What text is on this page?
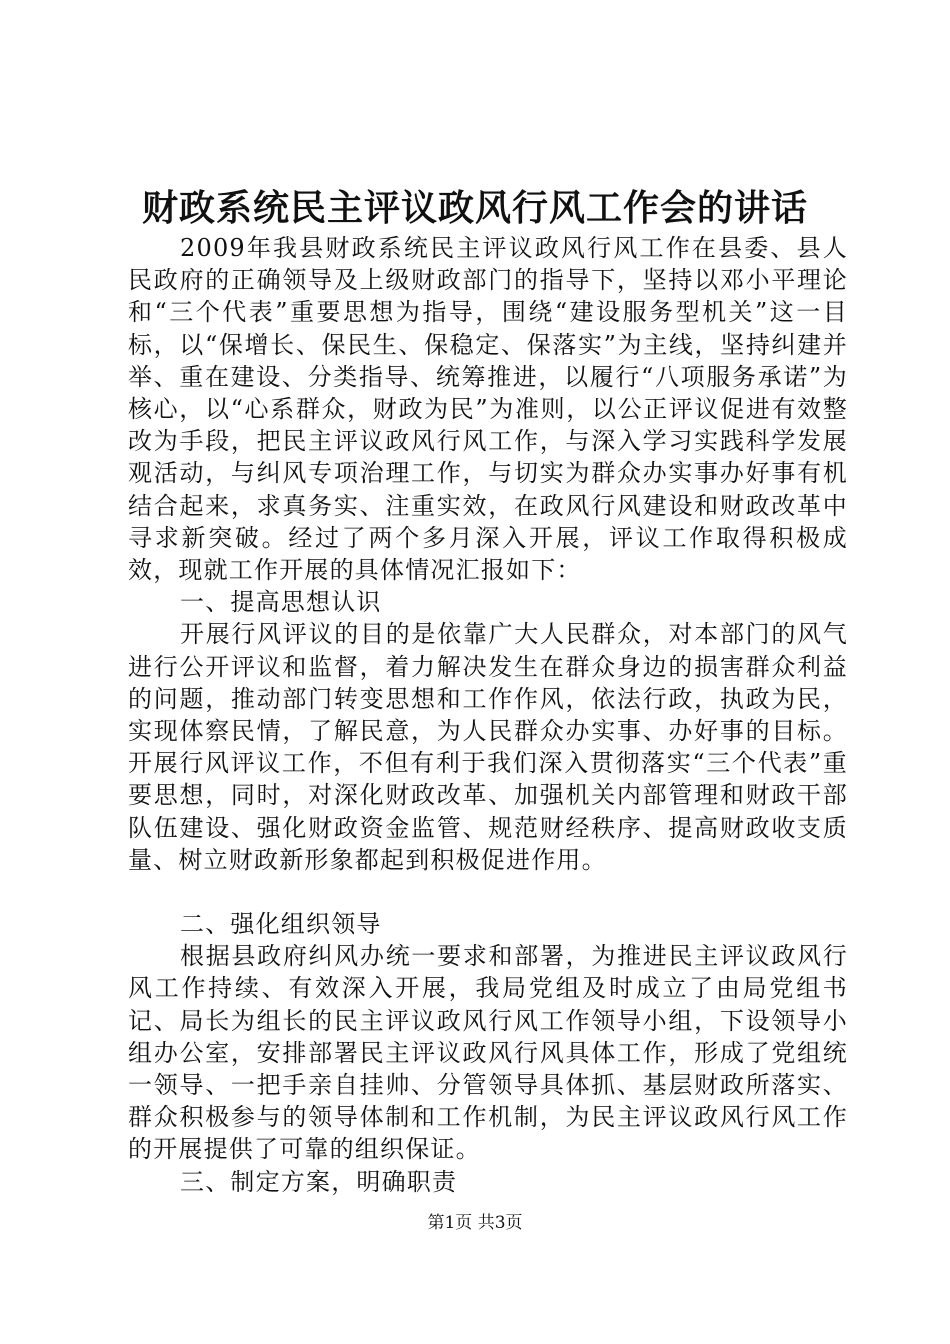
财政系统民主评议政风行风工作会的讲话

2009年我县财政系统民主评议政风行风工作在县委、县人民政府的正确领导及上级财政部门的指导下，坚持以邓小平理论和“三个代表”重要思想为指导，围绕“建设服务型机关”这一目标，以“保增长、保民生、保稳定、保落实”为主线，坚持纠建并举、重在建设、分类指导、统筹推进，以履行“八项服务承诺”为核心，以“心系群众，财政为民”为准则，以公正评议促进有效整改为手段，把民主评议政风行风工作，与深入学习实践科学发展观活动，与纠风专项治理工作，与切实为群众办实事办好事有机结合起来，求真务实、注重实效，在政风行风建设和财政改革中寻求新突破。经过了两个多月深入开展，评议工作取得积极成效，现就工作开展的具体情况汇报如下：

一、提高思想认识

开展行风评议的目的是依靠广大人民群众，对本部门的风气进行公开评议和监督，着力解决发生在群众身边的损害群众利益的问题，推动部门转变思想和工作作风，依法行政，执政为民，实现体察民情，了解民意，为人民群众办实事、办好事的目标。开展行风评议工作，不但有利于我们深入贯彻落实“三个代表”重要思想，同时，对深化财政改革、加强机关内部管理和财政干部队伍建设、强化财政资金监管、规范财经秩序、提高财政收支质量、树立财政新形象都起到积极促进作用。

二、强化组织领导

根据县政府纠风办统一要求和部署，为推进民主评议政风行风工作持续、有效深入开展，我局党组及时成立了由局党组书记、局长为组长的民主评议政风行风工作领导小组，下设领导小组办公室，安排部署民主评议政风行风具体工作，形成了党组统一领导、一把手亲自挂帅、分管领导具体抓、基层财政所落实、群众积极参与的领导体制和工作机制，为民主评议政风行风工作的开展提供了可靠的组织保证。

三、制定方案，明确职责

第1页 共3页
